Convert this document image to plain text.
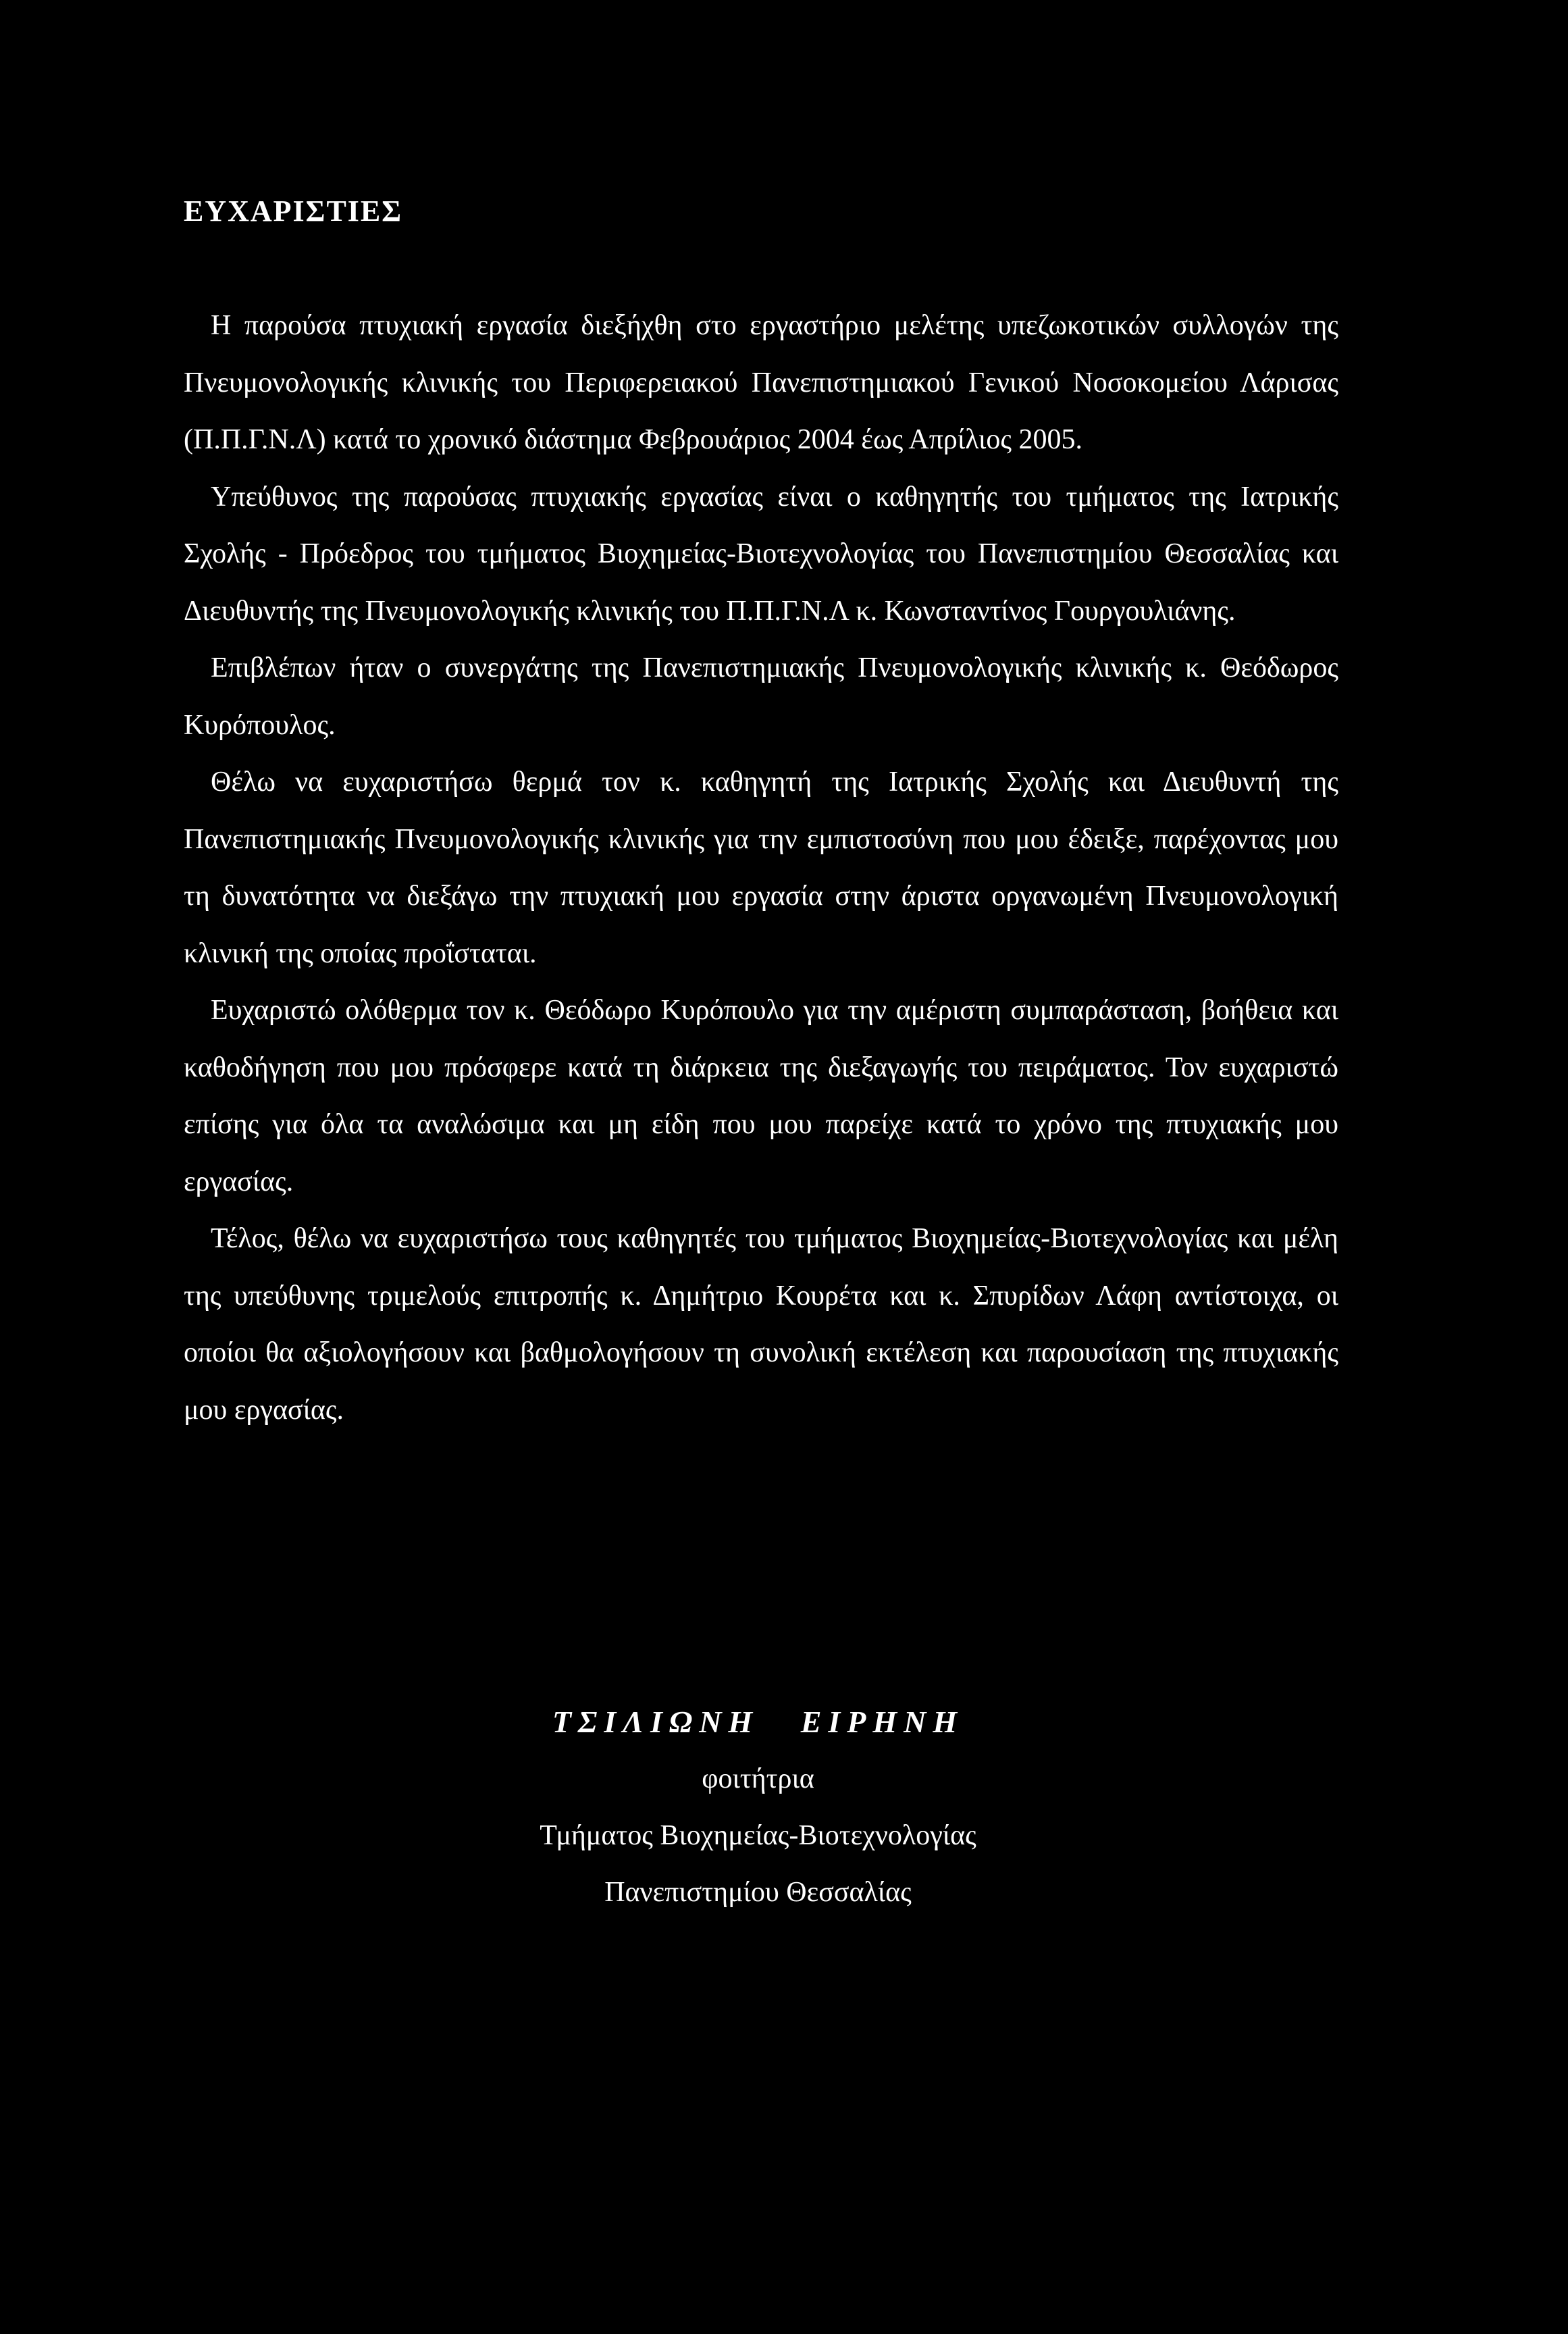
ΕΥΧΑΡΙΣΤΙΕΣ

Η παρούσα πτυχιακή εργασία διεξήχθη στο εργαστήριο μελέτης υπεζωκοτικών συλλογών της Πνευμονολογικής κλινικής του Περιφερειακού Πανεπιστημιακού Γενικού Νοσοκομείου Λάρισας (Π.Π.Γ.Ν.Λ) κατά το χρονικό διάστημα Φεβρουάριος 2004 έως Απρίλιος 2005.

Υπεύθυνος της παρούσας πτυχιακής εργασίας είναι ο καθηγητής του τμήματος της Ιατρικής Σχολής - Πρόεδρος του τμήματος Βιοχημείας-Βιοτεχνολογίας του Πανεπιστημίου Θεσσαλίας και Διευθυντής της Πνευμονολογικής κλινικής του Π.Π.Γ.Ν.Λ κ. Κωνσταντίνος Γουργουλιάνης.

Επιβλέπων ήταν ο συνεργάτης της Πανεπιστημιακής Πνευμονολογικής κλινικής κ. Θεόδωρος Κυρόπουλος.

Θέλω να ευχαριστήσω θερμά τον κ. καθηγητή της Ιατρικής Σχολής και Διευθυντή της Πανεπιστημιακής Πνευμονολογικής κλινικής για την εμπιστοσύνη που μου έδειξε, παρέχοντας μου τη δυνατότητα να διεξάγω την πτυχιακή μου εργασία στην άριστα οργανωμένη Πνευμονολογική κλινική της οποίας προΐσταται.

Ευχαριστώ ολόθερμα τον κ. Θεόδωρο Κυρόπουλο για την αμέριστη συμπαράσταση, βοήθεια και καθοδήγηση που μου πρόσφερε κατά τη διάρκεια της διεξαγωγής του πειράματος. Τον ευχαριστώ επίσης για όλα τα αναλώσιμα και μη είδη που μου παρείχε κατά το χρόνο της πτυχιακής μου εργασίας.

Τέλος, θέλω να ευχαριστήσω τους καθηγητές του τμήματος Βιοχημείας-Βιοτεχνολογίας και μέλη της υπεύθυνης τριμελούς επιτροπής κ. Δημήτριο Κουρέτα και κ. Σπυρίδων Λάφη αντίστοιχα, οι οποίοι θα αξιολογήσουν και βαθμολογήσουν τη συνολική εκτέλεση και παρουσίαση της πτυχιακής μου εργασίας.

ΤΣΙΛΙΩΝΗ ΕΙΡΗΝΗ

φοιτήτρια

Τμήματος Βιοχημείας-Βιοτεχνολογίας

Πανεπιστημίου Θεσσαλίας
